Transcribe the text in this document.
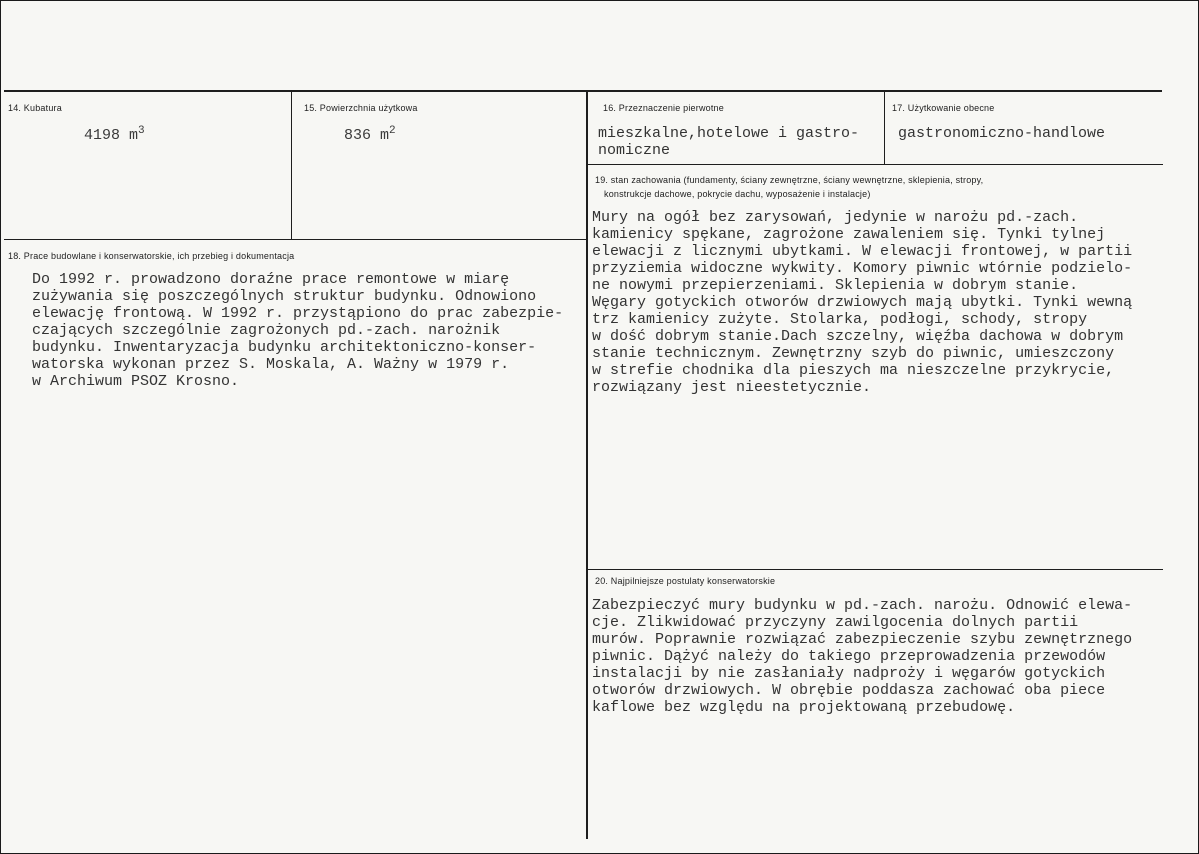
14. Kubatura
4198 $m^3$
15. Powierzchnia użytkowa
836 $m^2$
16. Przeznaczenie pierwotne
mieszkalne,hotelowe i gastro-
nomiczne
17. Użytkowanie obecne
gastronomiczno-handlowe
18. Prace budowlane i konserwatorskie, ich przebieg i dokumentacja
Do 1992 r. prowadzono doraźne prace remontowe w miarę
zużywania się poszczególnych struktur budynku. Odnowiono
elewację frontową. W 1992 r. przystąpiono do prac zabezpie-
czających szczególnie zagrożonych pd.-zach. narożnik
budynku. Inwentaryzacja budynku architektoniczno-konser-
watorska wykonan przez S. Moskala, A. Ważny w 1979 r.
w Archiwum PSOZ Krosno.
19. stan zachowania (fundamenty, ściany zewnętrzne, ściany wewnętrzne, sklepienia, stropy,
konstrukcje dachowe, pokrycie dachu, wyposażenie i instalacje)
Mury na ogół bez zarysowań, jedynie w narożu pd.-zach.
kamienicy spękane, zagrożone zawaleniem się. Tynki tylnej
elewacji z licznymi ubytkami. W elewacji frontowej, w partii
przyziemia widoczne wykwity. Komory piwnic wtórnie podzielo-
ne nowymi przepierzeniami. Sklepienia w dobrym stanie.
Węgary gotyckich otworów drzwiowych mają ubytki. Tynki wewną
trz kamienicy zużyte. Stolarka, podłogi, schody, stropy
w dość dobrym stanie.Dach szczelny, więźba dachowa w dobrym
stanie technicznym. Zewnętrzny szyb do piwnic, umieszczony
w strefie chodnika dla pieszych ma nieszczelne przykrycie,
rozwiązany jest nieestetycznie.
20. Najpilniejsze postulaty konserwatorskie
Zabezpieczyć mury budynku w pd.-zach. narożu. Odnowić elewa-
cje. Zlikwidować przyczyny zawilgocenia dolnych partii
murów. Poprawnie rozwiązać zabezpieczenie szybu zewnętrznego
piwnic. Dążyć należy do takiego przeprowadzenia przewodów
instalacji by nie zasłaniały nadproży i węgarów gotyckich
otworów drzwiowych. W obrębie poddasza zachować oba piece
kaflowe bez względu na projektowaną przebudowę.
